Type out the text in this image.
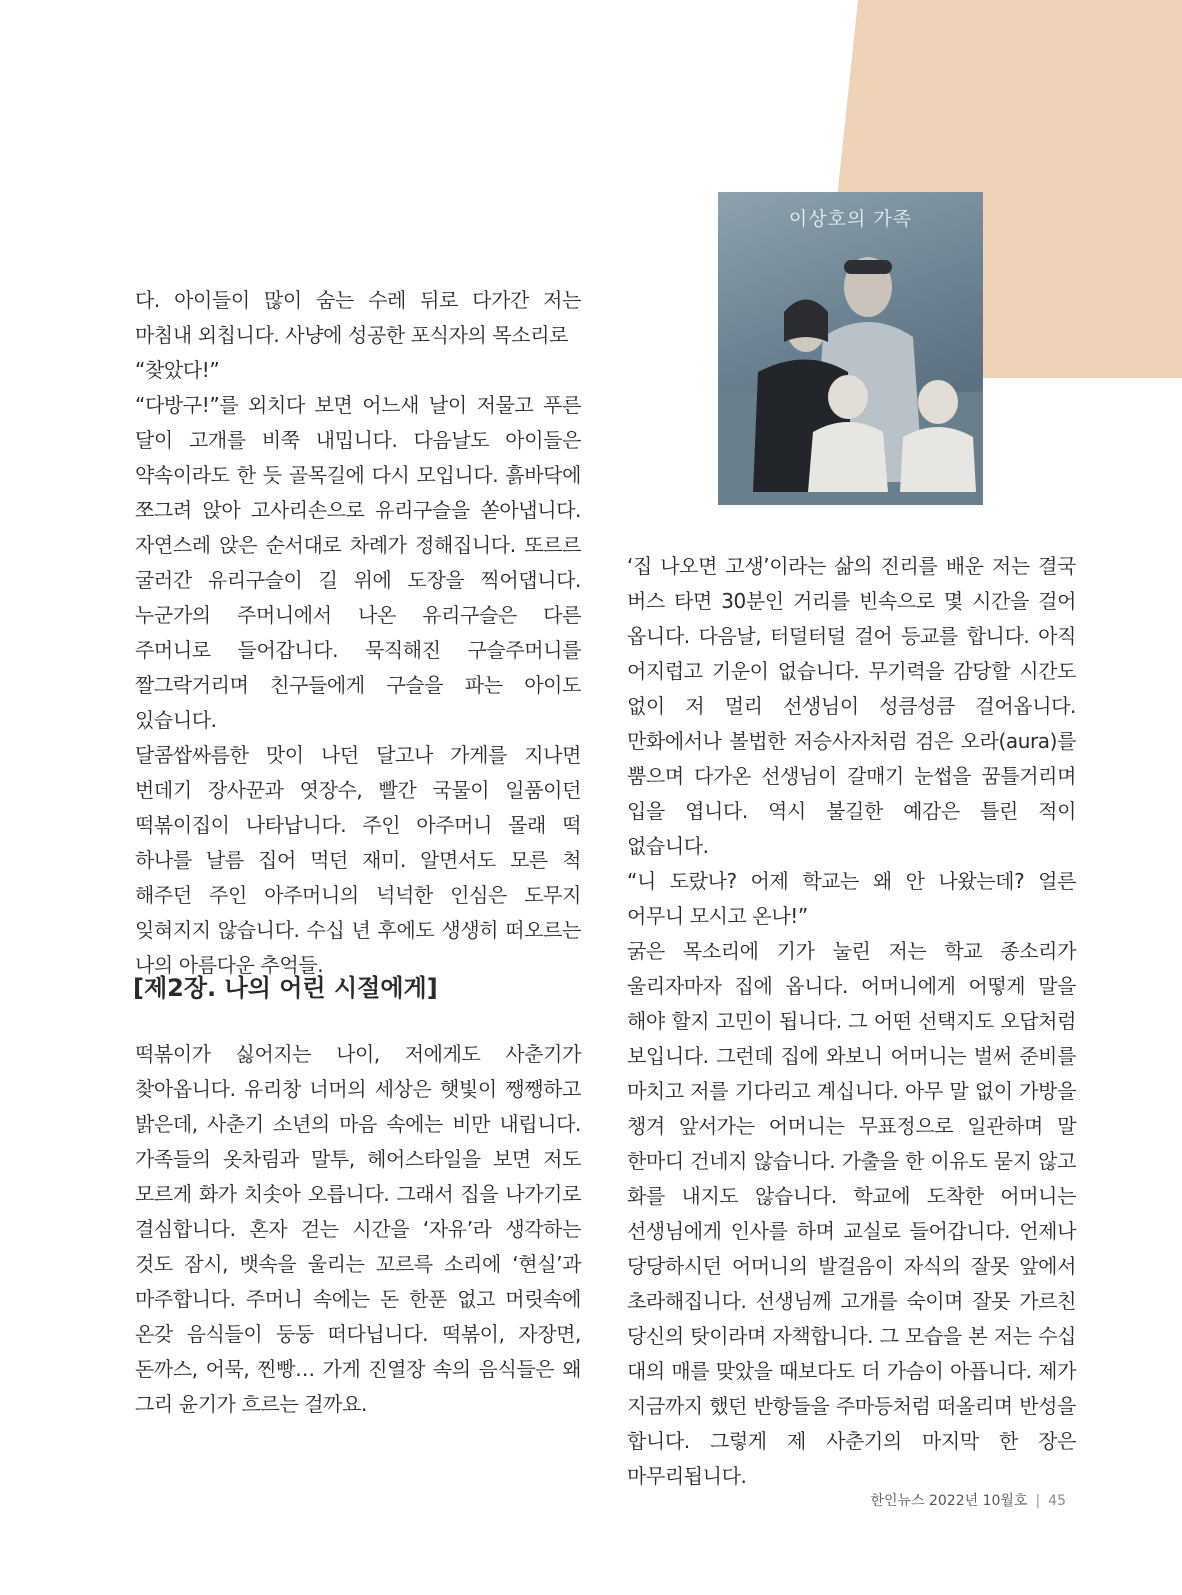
이상호의 가족

다. 아이들이 많이 숨는 수레 뒤로 다가간 저는 마침내 외칩니다. 사냥에 성공한 포식자의 목소리로

“찾았다!”

“다방구!”를 외치다 보면 어느새 날이 저물고 푸른 달이 고개를 비쭉 내밉니다. 다음날도 아이들은 약속이라도 한 듯 골목길에 다시 모입니다. 흙바닥에 쪼그려 앉아 고사리손으로 유리구슬을 쏟아냅니다. 자연스레 앉은 순서대로 차례가 정해집니다. 또르르 굴러간 유리구슬이 길 위에 도장을 찍어댑니다. 누군가의 주머니에서 나온 유리구슬은 다른 주머니로 들어갑니다. 묵직해진 구슬주머니를 짤그락거리며 친구들에게 구슬을 파는 아이도 있습니다.

달콤쌉싸름한 맛이 나던 달고나 가게를 지나면 번데기 장사꾼과 엿장수, 빨간 국물이 일품이던 떡볶이집이 나타납니다. 주인 아주머니 몰래 떡 하나를 날름 집어 먹던 재미. 알면서도 모른 척 해주던 주인 아주머니의 넉넉한 인심은 도무지 잊혀지지 않습니다. 수십 년 후에도 생생히 떠오르는 나의 아름다운 추억들.

[제2장. 나의 어린 시절에게]

떡볶이가 싫어지는 나이, 저에게도 사춘기가 찾아옵니다. 유리창 너머의 세상은 햇빛이 쨍쨍하고 밝은데, 사춘기 소년의 마음 속에는 비만 내립니다. 가족들의 옷차림과 말투, 헤어스타일을 보면 저도 모르게 화가 치솟아 오릅니다. 그래서 집을 나가기로 결심합니다. 혼자 걷는 시간을 ‘자유’라 생각하는 것도 잠시, 뱃속을 울리는 꼬르륵 소리에 ‘현실’과 마주합니다. 주머니 속에는 돈 한푼 없고 머릿속에 온갖 음식들이 둥둥 떠다닙니다. 떡볶이, 자장면, 돈까스, 어묵, 찐빵… 가게 진열장 속의 음식들은 왜 그리 윤기가 흐르는 걸까요.

‘집 나오면 고생’이라는 삶의 진리를 배운 저는 결국 버스 타면 30분인 거리를 빈속으로 몇 시간을 걸어 옵니다. 다음날, 터덜터덜 걸어 등교를 합니다. 아직 어지럽고 기운이 없습니다. 무기력을 감당할 시간도 없이 저 멀리 선생님이 성큼성큼 걸어옵니다. 만화에서나 볼법한 저승사자처럼 검은 오라(aura)를 뿜으며 다가온 선생님이 갈매기 눈썹을 꿈틀거리며 입을 엽니다. 역시 불길한 예감은 틀린 적이 없습니다.

“니 도랐나? 어제 학교는 왜 안 나왔는데? 얼른 어무니 모시고 온나!”

굵은 목소리에 기가 눌린 저는 학교 종소리가 울리자마자 집에 옵니다. 어머니에게 어떻게 말을 해야 할지 고민이 됩니다. 그 어떤 선택지도 오답처럼 보입니다. 그런데 집에 와보니 어머니는 벌써 준비를 마치고 저를 기다리고 계십니다. 아무 말 없이 가방을 챙겨 앞서가는 어머니는 무표정으로 일관하며 말 한마디 건네지 않습니다. 가출을 한 이유도 묻지 않고 화를 내지도 않습니다. 학교에 도착한 어머니는 선생님에게 인사를 하며 교실로 들어갑니다. 언제나 당당하시던 어머니의 발걸음이 자식의 잘못 앞에서 초라해집니다. 선생님께 고개를 숙이며 잘못 가르친 당신의 탓이라며 자책합니다. 그 모습을 본 저는 수십 대의 매를 맞았을 때보다도 더 가슴이 아픕니다. 제가 지금까지 했던 반항들을 주마등처럼 떠올리며 반성을 합니다. 그렇게 제 사춘기의 마지막 한 장은 마무리됩니다.

한인뉴스 2022년 10월호 | 45
